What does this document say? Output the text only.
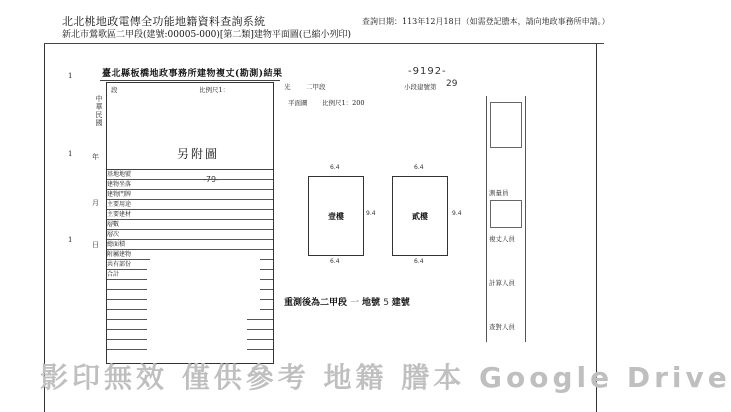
北北桃地政電傳全功能地籍資料查詢系統
新北市鶯歌區二甲段(建號:00005-000)[第二類]建物平面圖(已縮小列印)
查詢日期：113年12月18日（如需登記謄本，請向地政事務所申請。）
中華民國
年
月
日
1
1
1
臺北縣板橋地政事務所建物複丈(勘測)結果
段	比例尺1：
另附圖
-79-
基地地號
建物坐落
建物門牌
主要用途
主要建材
層數
層次
總面積
附屬建物
共有部份
合計
光 二甲段	小段建號第 29
-9192-
平面圖 比例尺1：200
壹樓	貳樓
6.4	6.4
9.4	9.4
6.4	6.4
重測後為二甲段 一 地號 5 建號
測量員
複丈人員
計算人員
查對人員
影印無效 僅供參考 地籍 謄本 Google Drive
